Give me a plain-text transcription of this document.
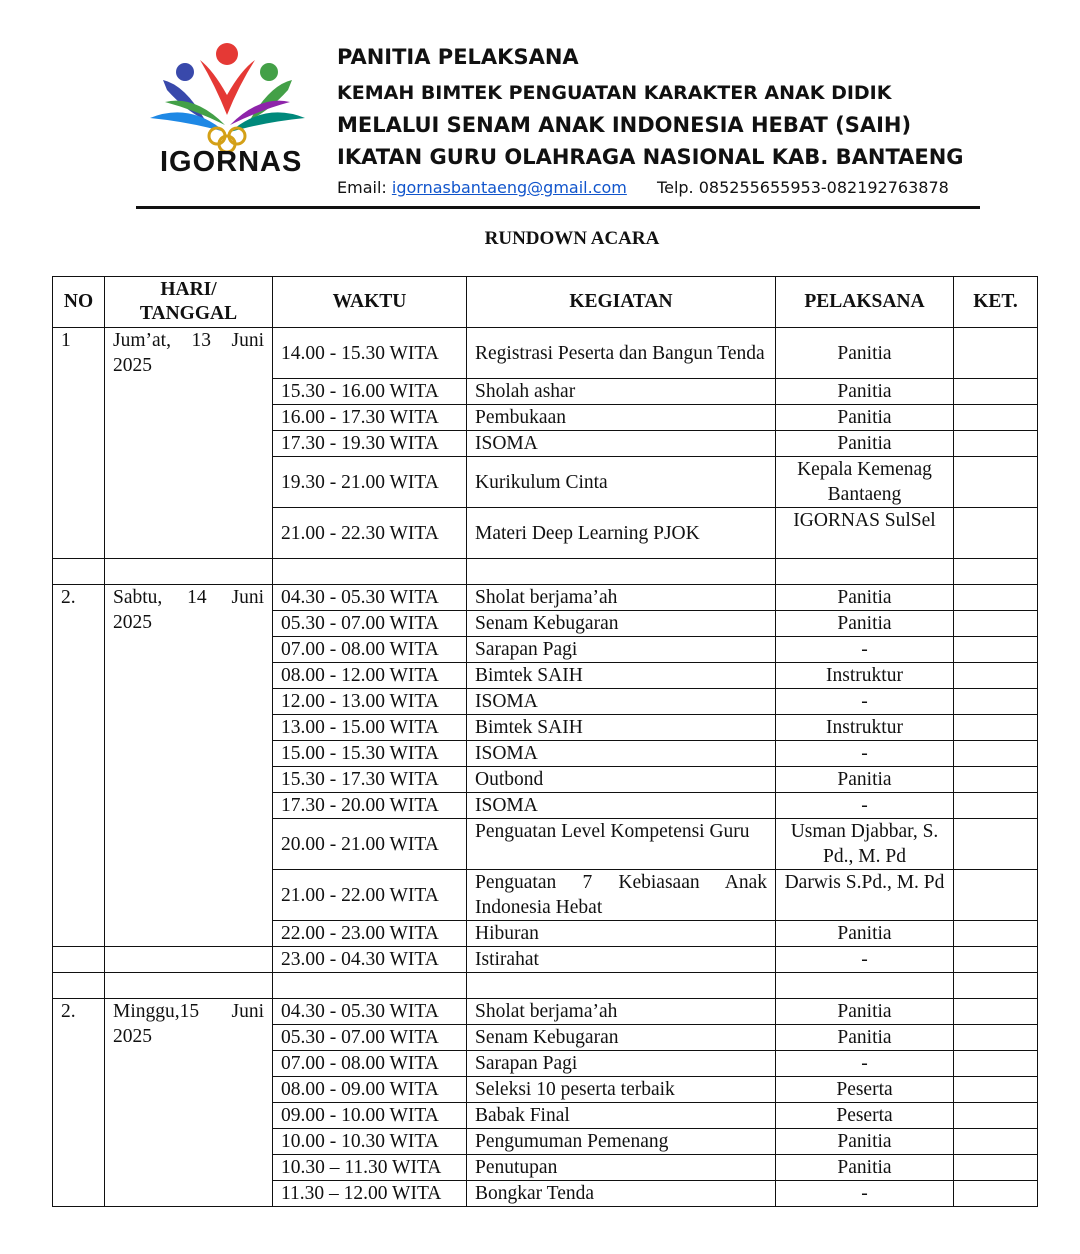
IGORNAS
PANITIA PELAKSANA
KEMAH BIMTEK PENGUATAN KARAKTER ANAK DIDIK
MELALUI SENAM ANAK INDONESIA HEBAT (SAIH)
IKATAN GURU OLAHRAGA NASIONAL KAB. BANTAENG
Email: igornasbantaeng@gmail.com Telp. 085255655953-082192763878
RUNDOWN ACARA
NO	HARI/ TANGGAL	WAKTU	KEGIATAN	PELAKSANA	KET.
1	Jum’at, 13 Juni 2025	14.00 - 15.30 WITA	Registrasi Peserta dan Bangun Tenda	Panitia	
		15.30 - 16.00 WITA	Sholah ashar	Panitia	
		16.00 - 17.30 WITA	Pembukaan	Panitia	
		17.30 - 19.30 WITA	ISOMA	Panitia	
		19.30 - 21.00 WITA	Kurikulum Cinta	Kepala Kemenag Bantaeng	
		21.00 - 22.30 WITA	Materi Deep Learning PJOK	IGORNAS SulSel	

2.	Sabtu, 14 Juni 2025	04.30 - 05.30 WITA	Sholat berjama’ah	Panitia	
		05.30 - 07.00 WITA	Senam Kebugaran	Panitia	
		07.00 - 08.00 WITA	Sarapan Pagi	-	
		08.00 - 12.00 WITA	Bimtek SAIH	Instruktur	
		12.00 - 13.00 WITA	ISOMA	-	
		13.00 - 15.00 WITA	Bimtek SAIH	Instruktur	
		15.00 - 15.30 WITA	ISOMA	-	
		15.30 - 17.30 WITA	Outbond	Panitia	
		17.30 - 20.00 WITA	ISOMA	-	
		20.00 - 21.00 WITA	Penguatan Level Kompetensi Guru	Usman Djabbar, S. Pd., M. Pd	
		21.00 - 22.00 WITA	Penguatan 7 Kebiasaan Anak Indonesia Hebat	Darwis S.Pd., M. Pd	
		22.00 - 23.00 WITA	Hiburan	Panitia	
		23.00 - 04.30 WITA	Istirahat	-	

2.	Minggu,15 Juni 2025	04.30 - 05.30 WITA	Sholat berjama’ah	Panitia	
		05.30 - 07.00 WITA	Senam Kebugaran	Panitia	
		07.00 - 08.00 WITA	Sarapan Pagi	-	
		08.00 - 09.00 WITA	Seleksi 10 peserta terbaik	Peserta	
		09.00 - 10.00 WITA	Babak Final	Peserta	
		10.00 - 10.30 WITA	Pengumuman Pemenang	Panitia	
		10.30 – 11.30 WITA	Penutupan	Panitia	
		11.30 – 12.00 WITA	Bongkar Tenda	-	
